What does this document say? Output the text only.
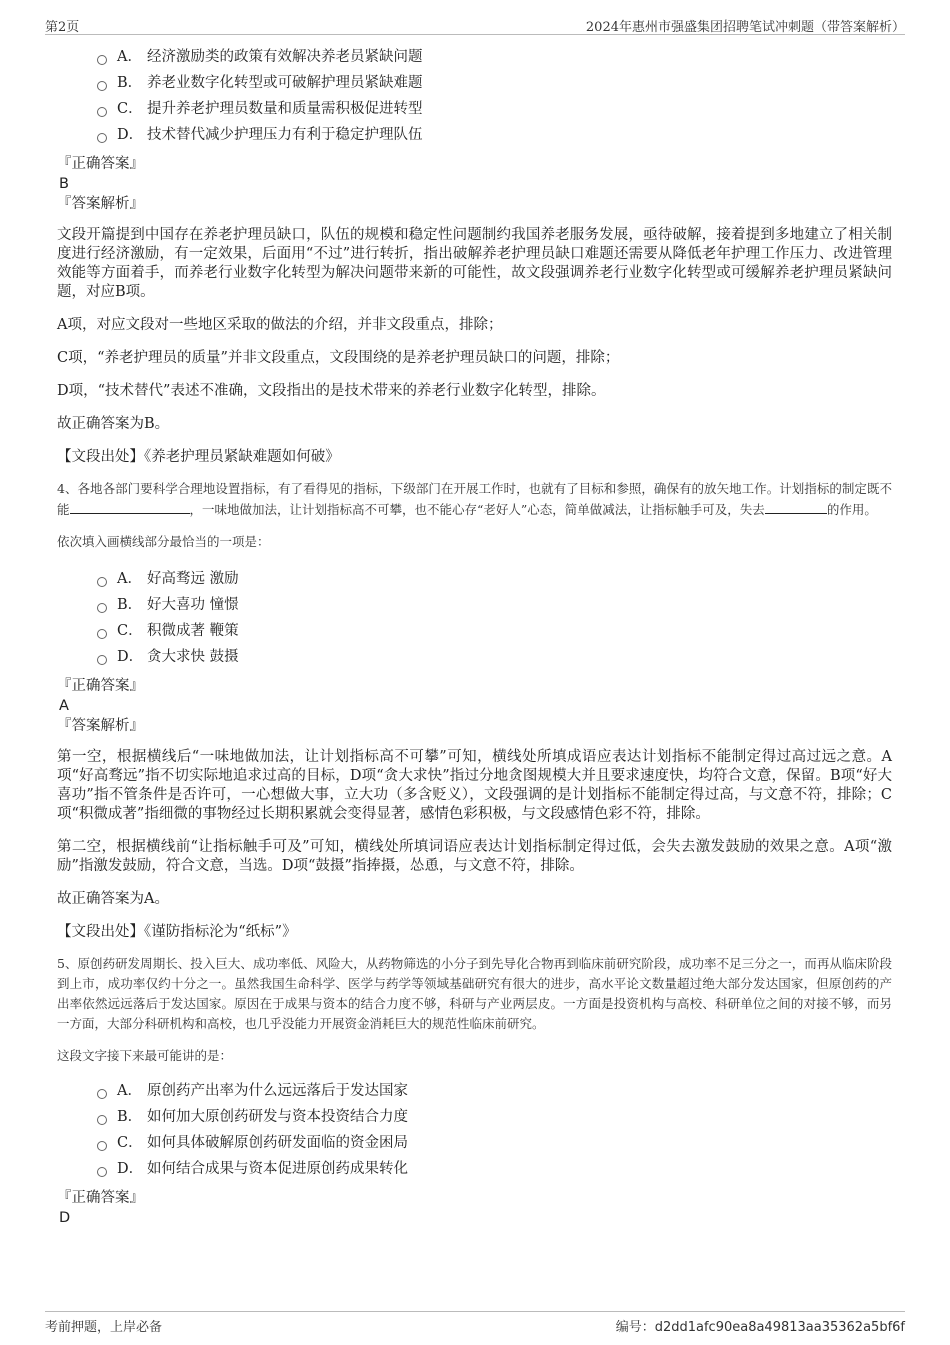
第2页	2024年惠州市强盛集团招聘笔试冲刺题（带答案解析）
A． 经济激励类的政策有效解决养老员紧缺问题
B． 养老业数字化转型或可破解护理员紧缺难题
C． 提升养老护理员数量和质量需积极促进转型
D． 技术替代减少护理压力有利于稳定护理队伍

『正确答案』

B

『答案解析』

文段开篇提到中国存在养老护理员缺口，队伍的规模和稳定性问题制约我国养老服务发展，亟待破解，接着提到多地建立了相关制度进行经济激励，有一定效果，后面用“不过”进行转折，指出破解养老护理员缺口难题还需要从降低老年护理工作压力、改进管理效能等方面着手，而养老行业数字化转型为解决问题带来新的可能性，故文段强调养老行业数字化转型或可缓解养老护理员紧缺问题，对应B项。

A项，对应文段对一些地区采取的做法的介绍，并非文段重点，排除；

C项，“养老护理员的质量”并非文段重点，文段围绕的是养老护理员缺口的问题，排除；

D项，“技术替代”表述不准确，文段指出的是技术带来的养老行业数字化转型，排除。

故正确答案为B。

【文段出处】《养老护理员紧缺难题如何破》

4、各地各部门要科学合理地设置指标，有了看得见的指标，下级部门在开展工作时，也就有了目标和参照，确保有的放矢地工作。计划指标的制定既不能	，一味地做加法，让计划指标高不可攀，也不能心存“老好人”心态，简单做减法，让指标触手可及，失去	的作用。

依次填入画横线部分最恰当的一项是：

A． 好高骛远 激励
B． 好大喜功 憧憬
C． 积微成著 鞭策
D． 贪大求快 鼓摄

『正确答案』

A

『答案解析』

第一空，根据横线后“一味地做加法，让计划指标高不可攀”可知，横线处所填成语应表达计划指标不能制定得过高过远之意。A项“好高骛远”指不切实际地追求过高的目标，D项“贪大求快”指过分地贪图规模大并且要求速度快，均符合文意，保留。B项“好大喜功”指不管条件是否许可，一心想做大事，立大功（多含贬义），文段强调的是计划指标不能制定得过高，与文意不符，排除；C项“积微成著”指细微的事物经过长期积累就会变得显著，感情色彩积极，与文段感情色彩不符，排除。

第二空，根据横线前“让指标触手可及”可知，横线处所填词语应表达计划指标制定得过低，会失去激发鼓励的效果之意。A项“激励”指激发鼓励，符合文意，当选。D项“鼓摄”指捧摄，怂恿，与文意不符，排除。

故正确答案为A。

【文段出处】《谨防指标沦为“纸标”》

5、原创药研发周期长、投入巨大、成功率低、风险大，从药物筛选的小分子到先导化合物再到临床前研究阶段，成功率不足三分之一，而再从临床阶段到上市，成功率仅约十分之一。虽然我国生命科学、医学与药学等领域基础研究有很大的进步，高水平论文数量超过绝大部分发达国家，但原创药的产出率依然远远落后于发达国家。原因在于成果与资本的结合力度不够，科研与产业两层皮。一方面是投资机构与高校、科研单位之间的对接不够，而另一方面，大部分科研机构和高校，也几乎没能力开展资金消耗巨大的规范性临床前研究。

这段文字接下来最可能讲的是：

A． 原创药产出率为什么远远落后于发达国家
B． 如何加大原创药研发与资本投资结合力度
C． 如何具体破解原创药研发面临的资金困局
D． 如何结合成果与资本促进原创药成果转化

『正确答案』

D

考前押题，上岸必备	编号：d2dd1afc90ea8a49813aa35362a5bf6f
